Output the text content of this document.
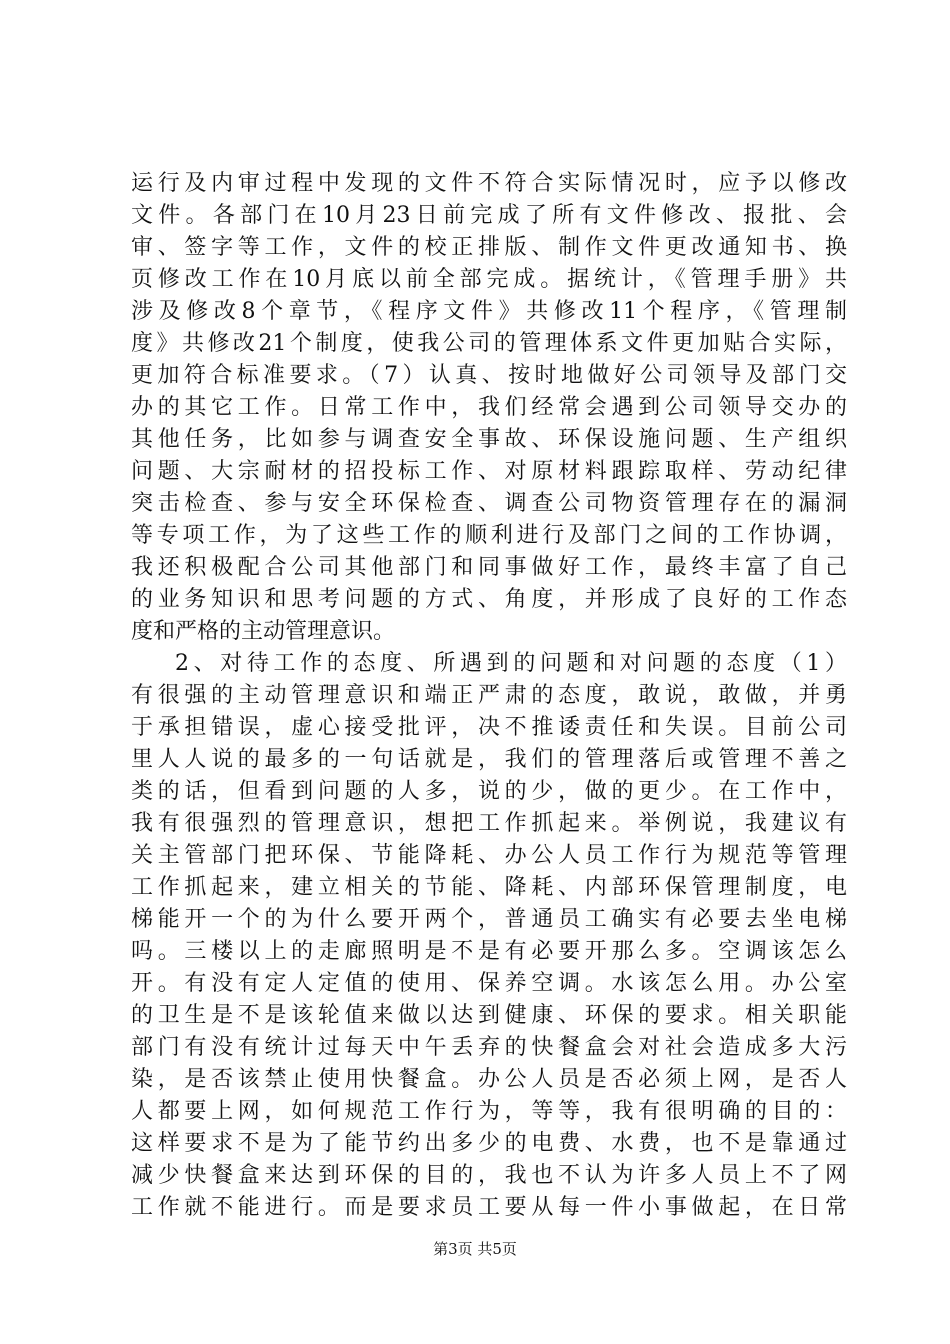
运行及内审过程中发现的文件不符合实际情况时，应予以修改
文件。各部门在10月23日前完成了所有文件修改、报批、会
审、签字等工作，文件的校正排版、制作文件更改通知书、换
页修改工作在10月底以前全部完成。据统计，《管理手册》共
涉及修改8个章节，《程序文件》共修改11个程序，《管理制
度》共修改21个制度，使我公司的管理体系文件更加贴合实际，
更加符合标准要求。（7）认真、按时地做好公司领导及部门交
办的其它工作。日常工作中，我们经常会遇到公司领导交办的
其他任务，比如参与调查安全事故、环保设施问题、生产组织
问题、大宗耐材的招投标工作、对原材料跟踪取样、劳动纪律
突击检查、参与安全环保检查、调查公司物资管理存在的漏洞
等专项工作，为了这些工作的顺利进行及部门之间的工作协调，
我还积极配合公司其他部门和同事做好工作，最终丰富了自己
的业务知识和思考问题的方式、角度，并形成了良好的工作态
度和严格的主动管理意识。
2、对待工作的态度、所遇到的问题和对问题的态度（1）
有很强的主动管理意识和端正严肃的态度，敢说，敢做，并勇
于承担错误，虚心接受批评，决不推诿责任和失误。目前公司
里人人说的最多的一句话就是，我们的管理落后或管理不善之
类的话，但看到问题的人多，说的少，做的更少。在工作中，
我有很强烈的管理意识，想把工作抓起来。举例说，我建议有
关主管部门把环保、节能降耗、办公人员工作行为规范等管理
工作抓起来，建立相关的节能、降耗、内部环保管理制度，电
梯能开一个的为什么要开两个，普通员工确实有必要去坐电梯
吗。三楼以上的走廊照明是不是有必要开那么多。空调该怎么
开。有没有定人定值的使用、保养空调。水该怎么用。办公室
的卫生是不是该轮值来做以达到健康、环保的要求。相关职能
部门有没有统计过每天中午丢弃的快餐盒会对社会造成多大污
染，是否该禁止使用快餐盒。办公人员是否必须上网，是否人
人都要上网，如何规范工作行为，等等，我有很明确的目的：
这样要求不是为了能节约出多少的电费、水费，也不是靠通过
减少快餐盒来达到环保的目的，我也不认为许多人员上不了网
工作就不能进行。而是要求员工要从每一件小事做起，在日常
第3页 共5页
